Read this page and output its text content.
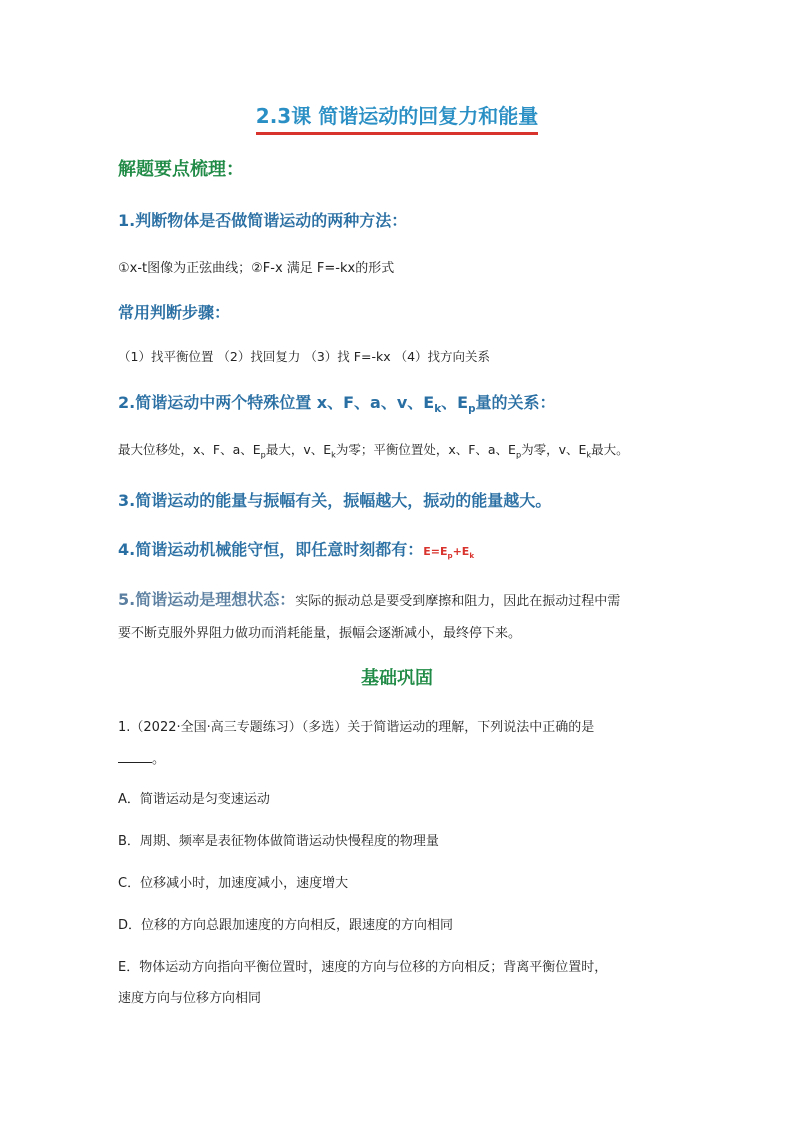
2.3课 简谐运动的回复力和能量
解题要点梳理：
1.判断物体是否做简谐运动的两种方法：
①x-t图像为正弦曲线；②F-x 满足 F=-kx的形式
常用判断步骤：
（1）找平衡位置 （2）找回复力 （3）找 F=-kx （4）找方向关系
2.简谐运动中两个特殊位置 x、F、a、v、$E_k$、$E_p$量的关系：
最大位移处，x、F、a、$E_p$最大，v、$E_k$为零；平衡位置处，x、F、a、$E_p$为零，v、$E_k$最大。
3.简谐运动的能量与振幅有关，振幅越大，振动的能量越大。
4.简谐运动机械能守恒，即任意时刻都有：$E=E_p+E_k$
5.简谐运动是理想状态：实际的振动总是要受到摩擦和阻力，因此在振动过程中需
要不断克服外界阻力做功而消耗能量，振幅会逐渐减小，最终停下来。
基础巩固
1.（2022·全国·高三专题练习）（多选）关于简谐运动的理解，下列说法中正确的是
。
A．简谐运动是匀变速运动
B．周期、频率是表征物体做简谐运动快慢程度的物理量
C．位移减小时，加速度减小，速度增大
D．位移的方向总跟加速度的方向相反，跟速度的方向相同
E．物体运动方向指向平衡位置时，速度的方向与位移的方向相反；背离平衡位置时，
速度方向与位移方向相同
